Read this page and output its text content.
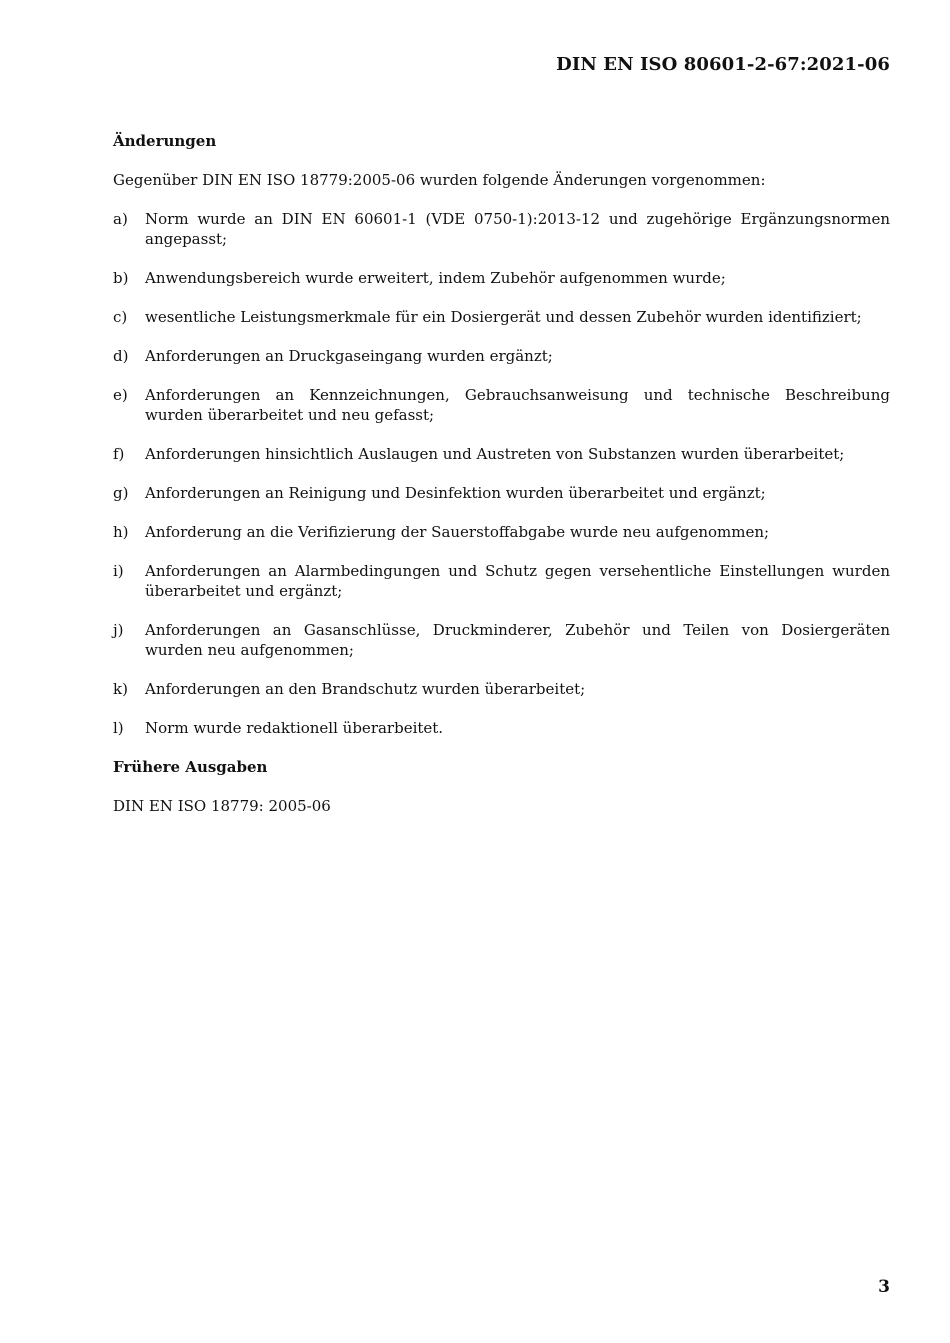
DIN EN ISO 80601-2-67:2021-06
Änderungen
Gegenüber DIN EN ISO 18779:2005-06 wurden folgende Änderungen vorgenommen:
a)	Norm wurde an DIN EN 60601-1 (VDE 0750-1):2013-12 und zugehörige Ergänzungsnormen angepasst;
b)	Anwendungsbereich wurde erweitert, indem Zubehör aufgenommen wurde;
c)	wesentliche Leistungsmerkmale für ein Dosiergerät und dessen Zubehör wurden identifiziert;
d)	Anforderungen an Druckgaseingang wurden ergänzt;
e)	Anforderungen an Kennzeichnungen, Gebrauchsanweisung und technische Beschreibung wurden überarbeitet und neu gefasst;
f)	Anforderungen hinsichtlich Auslaugen und Austreten von Substanzen wurden überarbeitet;
g)	Anforderungen an Reinigung und Desinfektion wurden überarbeitet und ergänzt;
h)	Anforderung an die Verifizierung der Sauerstoffabgabe wurde neu aufgenommen;
i)	Anforderungen an Alarmbedingungen und Schutz gegen versehentliche Einstellungen wurden überarbeitet und ergänzt;
j)	Anforderungen an Gasanschlüsse, Druckminderer, Zubehör und Teilen von Dosiergeräten wurden neu aufgenommen;
k)	Anforderungen an den Brandschutz wurden überarbeitet;
l)	Norm wurde redaktionell überarbeitet.
Frühere Ausgaben
DIN EN ISO 18779: 2005-06
3
